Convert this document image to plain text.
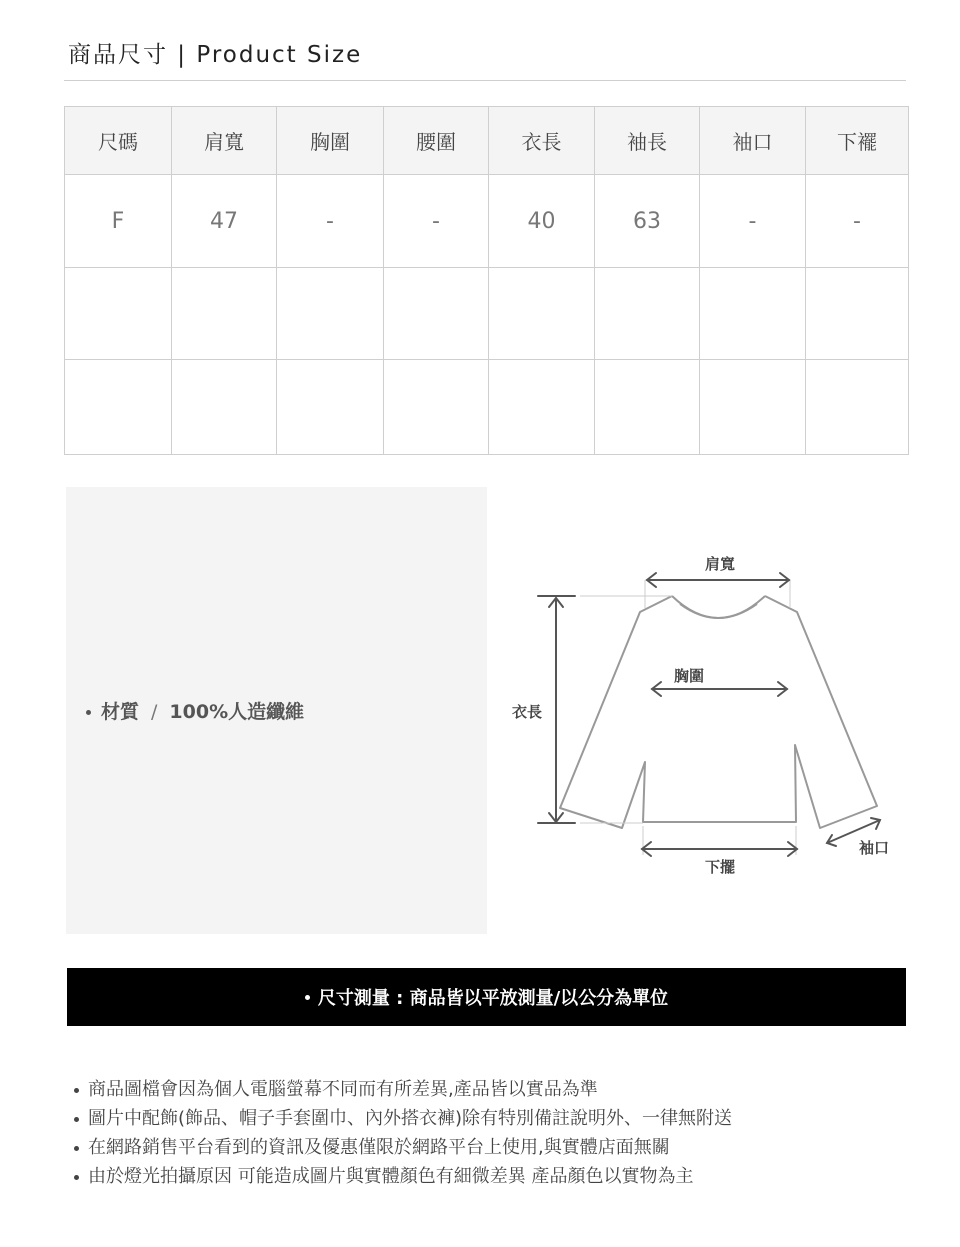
商品尺寸 | Product Size
尺碼	肩寬	胸圍	腰圍	衣長	袖長	袖口	下襬
F	47	-	-	40	63	-	-

材質 / 100%人造纖維
肩寬
胸圍
衣長
下擺
袖口
尺寸測量 : 商品皆以平放測量/以公分為單位
商品圖檔會因為個人電腦螢幕不同而有所差異,產品皆以實品為準
圖片中配飾(飾品、帽子手套圍巾、內外搭衣褲)除有特別備註說明外、一律無附送
在網路銷售平台看到的資訊及優惠僅限於網路平台上使用,與實體店面無關
由於燈光拍攝原因 可能造成圖片與實體顏色有細微差異 產品顏色以實物為主
